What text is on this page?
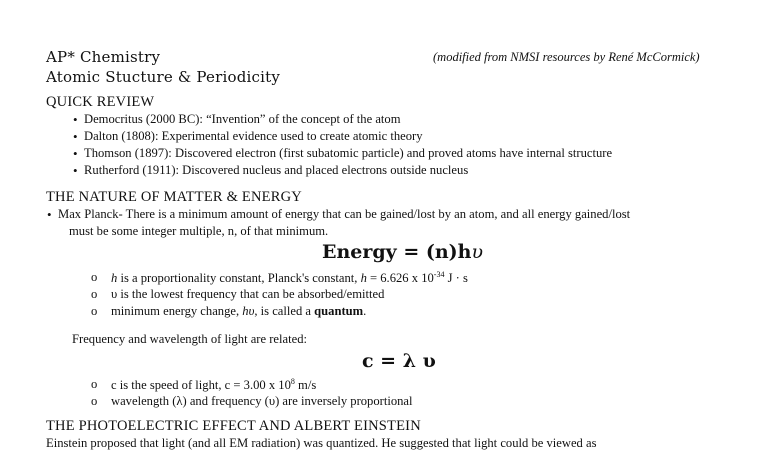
AP* Chemistry
Atomic Stucture & Periodicity
(modified from NMSI resources by René McCormick)
QUICK REVIEW
• Democritus (2000 BC): “Invention” of the concept of the atom
• Dalton (1808): Experimental evidence used to create atomic theory
• Thomson (1897): Discovered electron (first subatomic particle) and proved atoms have internal structure
• Rutherford (1911): Discovered nucleus and placed electrons outside nucleus
THE NATURE OF MATTER & ENERGY
• Max Planck- There is a minimum amount of energy that can be gained/lost by an atom, and all energy gained/lost
must be some integer multiple, n, of that minimum.
Energy = (n)hυ
o h is a proportionality constant, Planck's constant, h = 6.626 x $10^{-34}$ J · s
o υ is the lowest frequency that can be absorbed/emitted
o minimum energy change, hυ, is called a quantum.
Frequency and wavelength of light are related:
c = λ υ
o c is the speed of light, c = 3.00 x $10^8$ m/s
o wavelength (λ) and frequency (υ) are inversely proportional
THE PHOTOELECTRIC EFFECT AND ALBERT EINSTEIN
Einstein proposed that light (and all EM radiation) was quantized. He suggested that light could be viewed as
